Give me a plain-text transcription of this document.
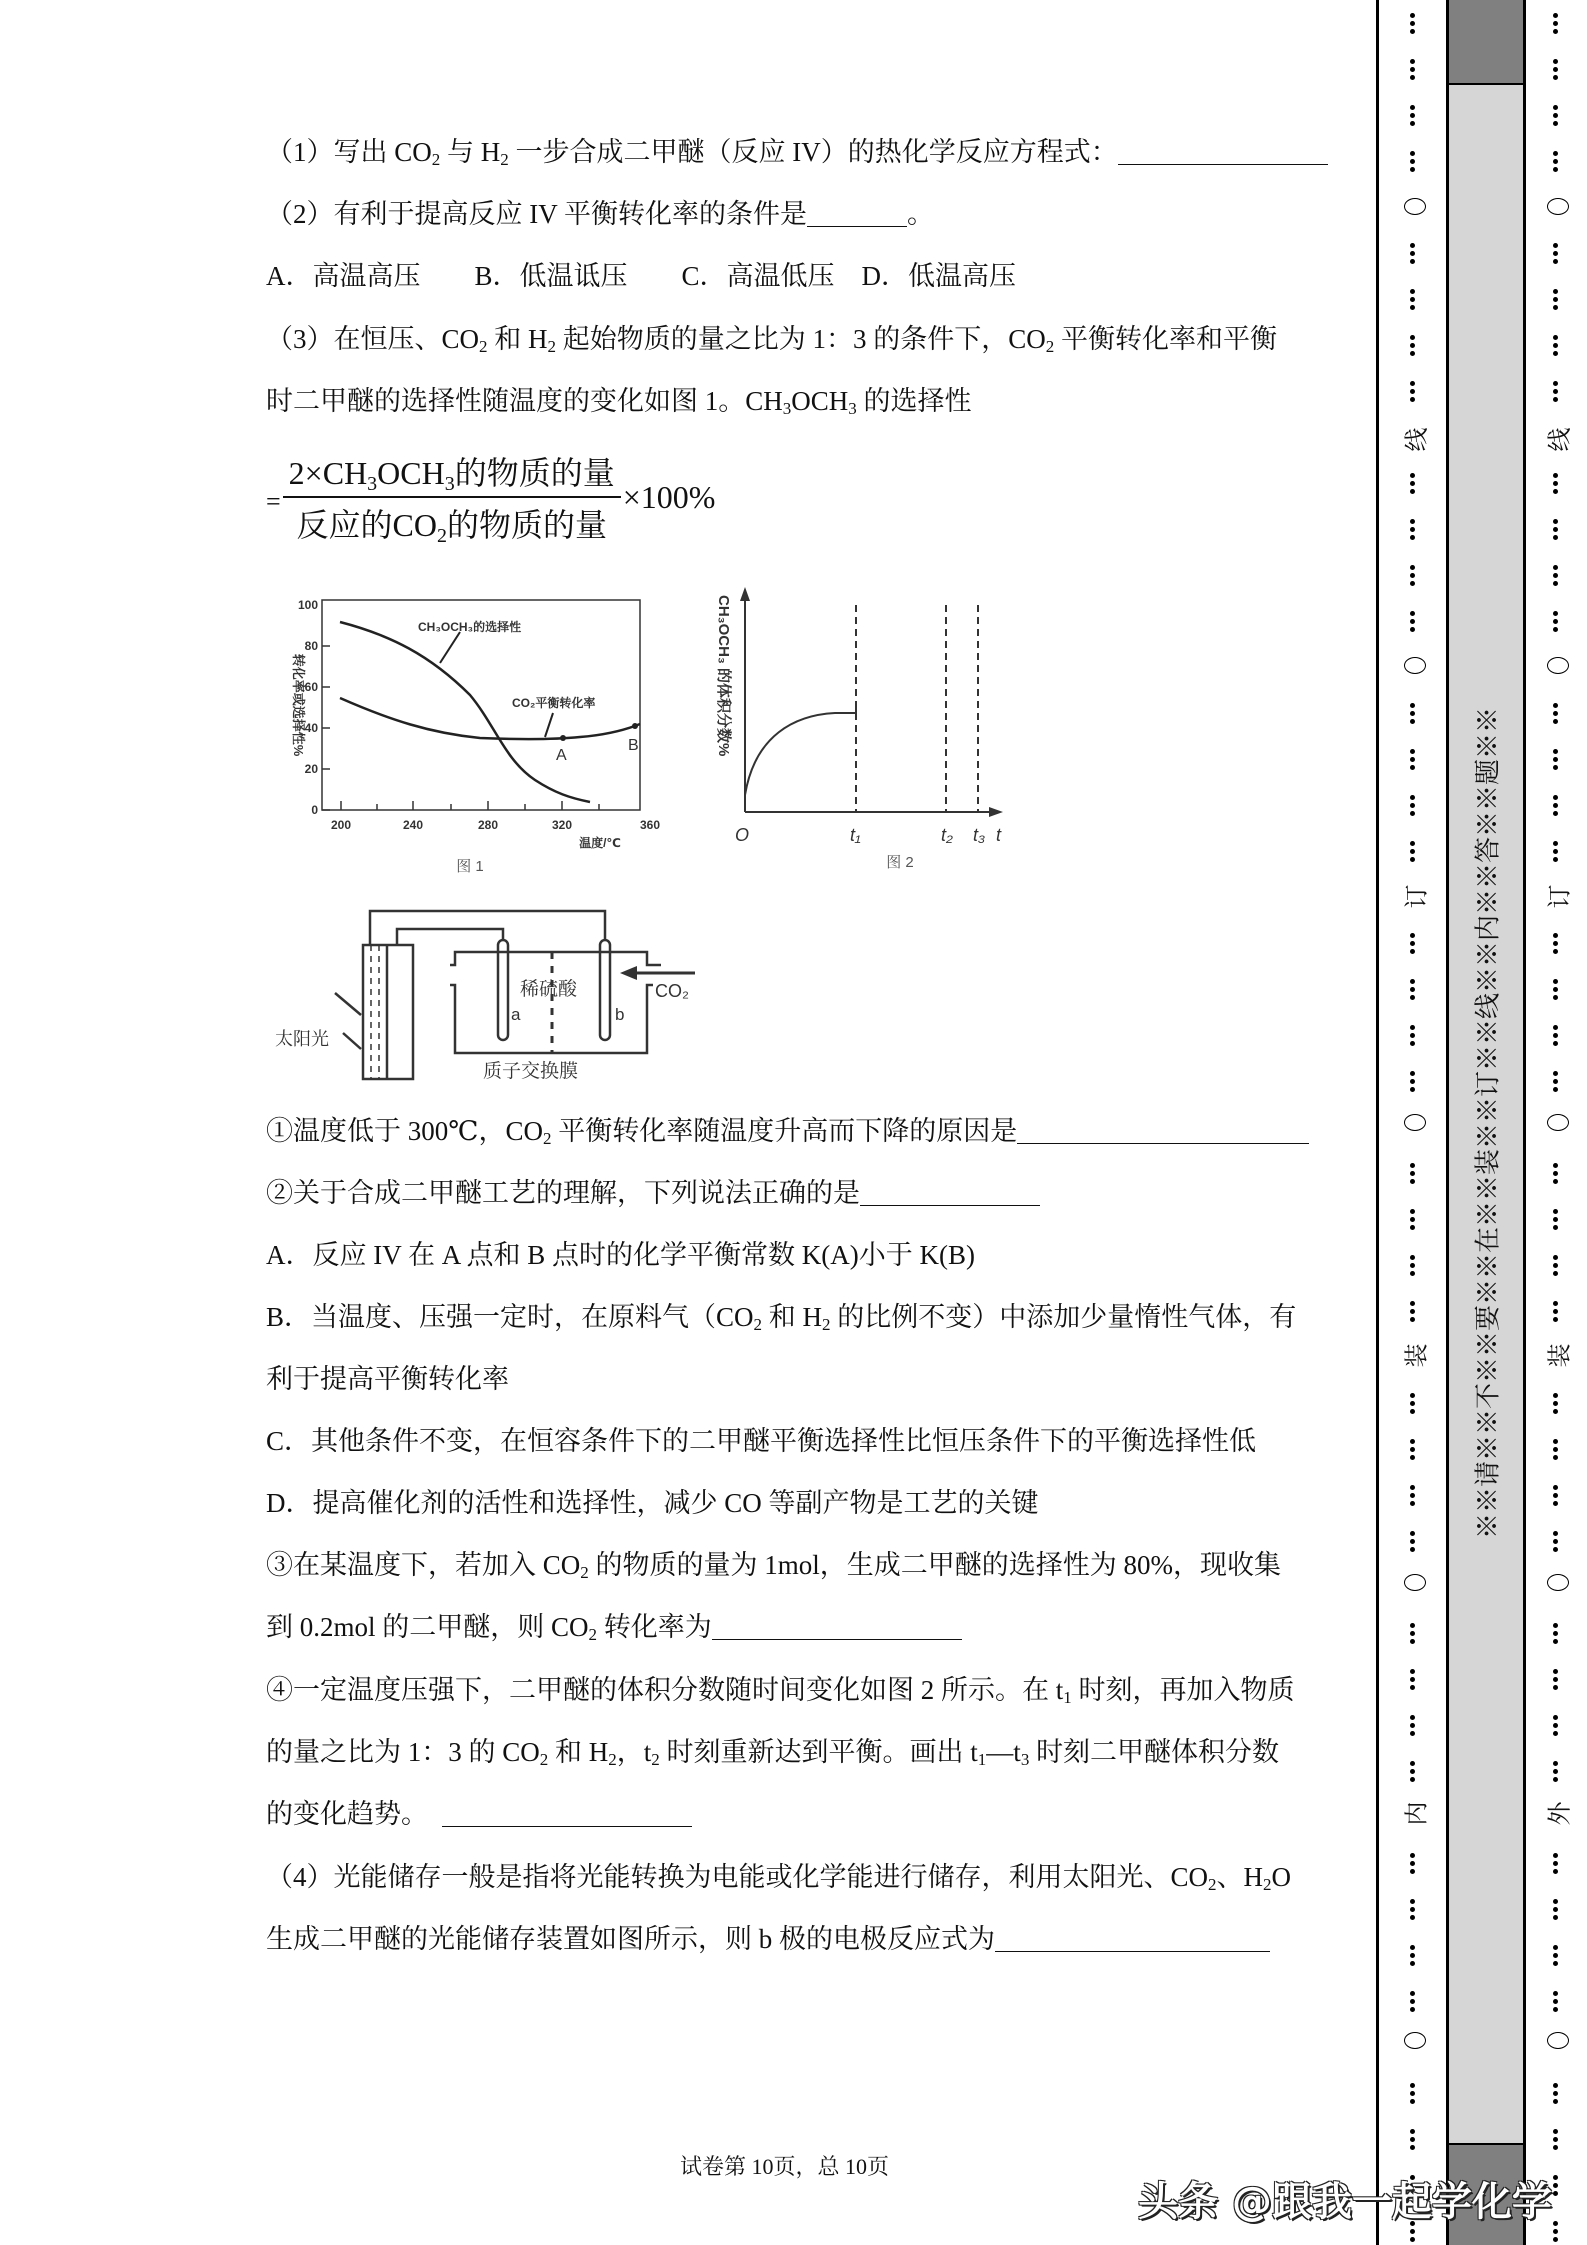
（1）写出 $CO_2$ 与 $H_2$ 一步合成二甲醚（反应 IV）的热化学反应方程式：
（2）有利于提高反应 IV 平衡转化率的条件是	。
A．高温高压　　B．低温诋压　　C．高温低压　D．低温高压
（3）在恒压、$CO_2$ 和 $H_2$ 起始物质的量之比为 1：3 的条件下，$CO_2$ 平衡转化率和平衡
时二甲醚的选择性随温度的变化如图 1。$CH_3OCH_3$ 的选择性
= $\frac{2\times CH_3OCH_3的物质的量}{反应的CO_2的物质的量} \times 100\%$
0
20
40
60
80
100
200	240	280	320	360
温度/℃
图 1
转化率或选择性%
CH₃OCH₃的选择性
CO₂平衡转化率
A
B
O	t₁	t₂ t₃ t
CH₃OCH₃ 的体积分数%
图 2
稀硫酸
a	b
CO₂
太阳光
质子交换膜
①温度低于 300℃，$CO_2$ 平衡转化率随温度升高而下降的原因是
②关于合成二甲醚工艺的理解，下列说法正确的是
A．反应 IV 在 A 点和 B 点时的化学平衡常数 K(A)小于 K(B)
B．当温度、压强一定时，在原料气（$CO_2$ 和 $H_2$ 的比例不变）中添加少量惰性气体，有
利于提高平衡转化率
C．其他条件不变，在恒容条件下的二甲醚平衡选择性比恒压条件下的平衡选择性低
D．提高催化剂的活性和选择性，减少 CO 等副产物是工艺的关键
③在某温度下，若加入 $CO_2$ 的物质的量为 1mol，生成二甲醚的选择性为 80%，现收集
到 0.2mol 的二甲醚，则 $CO_2$ 转化率为
④一定温度压强下，二甲醚的体积分数随时间变化如图 2 所示。在 $t_1$ 时刻，再加入物质
的量之比为 1：3 的 $CO_2$ 和 $H_2$，$t_2$ 时刻重新达到平衡。画出 $t_1—t_3$ 时刻二甲醚体积分数
的变化趋势。
（4）光能储存一般是指将光能转换为电能或化学能进行储存，利用太阳光、$CO_2$、$H_2O$
生成二甲醚的光能储存装置如图所示，则 b 极的电极反应式为
试卷第 10页，总 10页
线
订
装
内
※※请※※不※※要※※在※※装※※订※※线※※内※※答※※题※※
线
订
装
外
头条 @跟我一起学化学
